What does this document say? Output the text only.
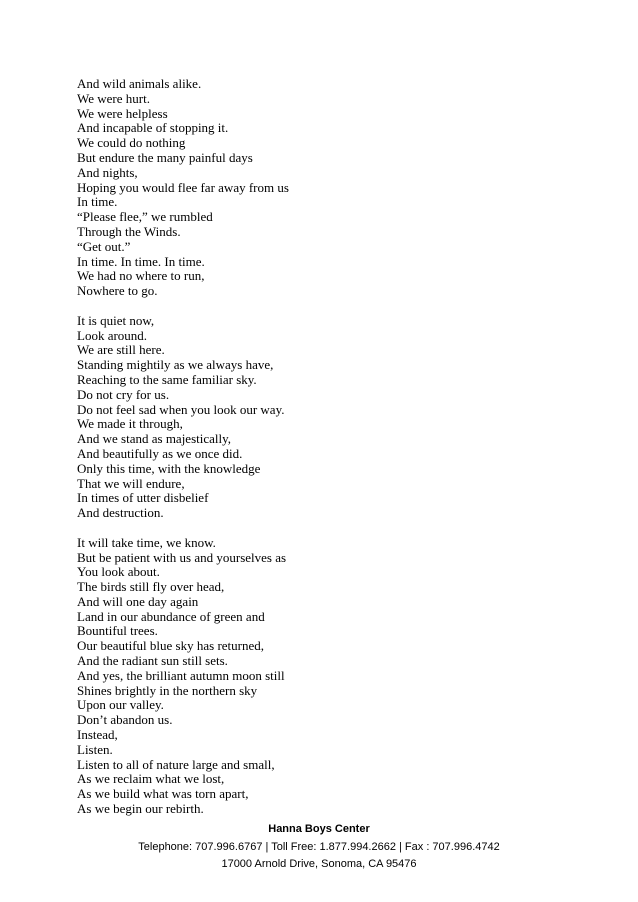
And wild animals alike.
We were hurt.
We were helpless
And incapable of stopping it.
We could do nothing
But endure the many painful days
And nights,
Hoping you would flee far away from us
In time.
“Please flee,” we rumbled
Through the Winds.
“Get out.”
In time. In time. In time.
We had no where to run,
Nowhere to go.

It is quiet now,
Look around.
We are still here.
Standing mightily as we always have,
Reaching to the same familiar sky.
Do not cry for us.
Do not feel sad when you look our way.
We made it through,
And we stand as majestically,
And beautifully as we once did.
Only this time, with the knowledge
That we will endure,
In times of utter disbelief
And destruction.

It will take time, we know.
But be patient with us and yourselves as
You look about.
The birds still fly over head,
And will one day again
Land in our abundance of green and
Bountiful trees.
Our beautiful blue sky has returned,
And the radiant sun still sets.
And yes, the brilliant autumn moon still
Shines brightly in the northern sky
Upon our valley.
Don’t abandon us.
Instead,
Listen.
Listen to all of nature large and small,
As we reclaim what we lost,
As we build what was torn apart,
As we begin our rebirth.

Hanna Boys Center
Telephone: 707.996.6767 | Toll Free: 1.877.994.2662 | Fax : 707.996.4742
17000 Arnold Drive, Sonoma, CA 95476
